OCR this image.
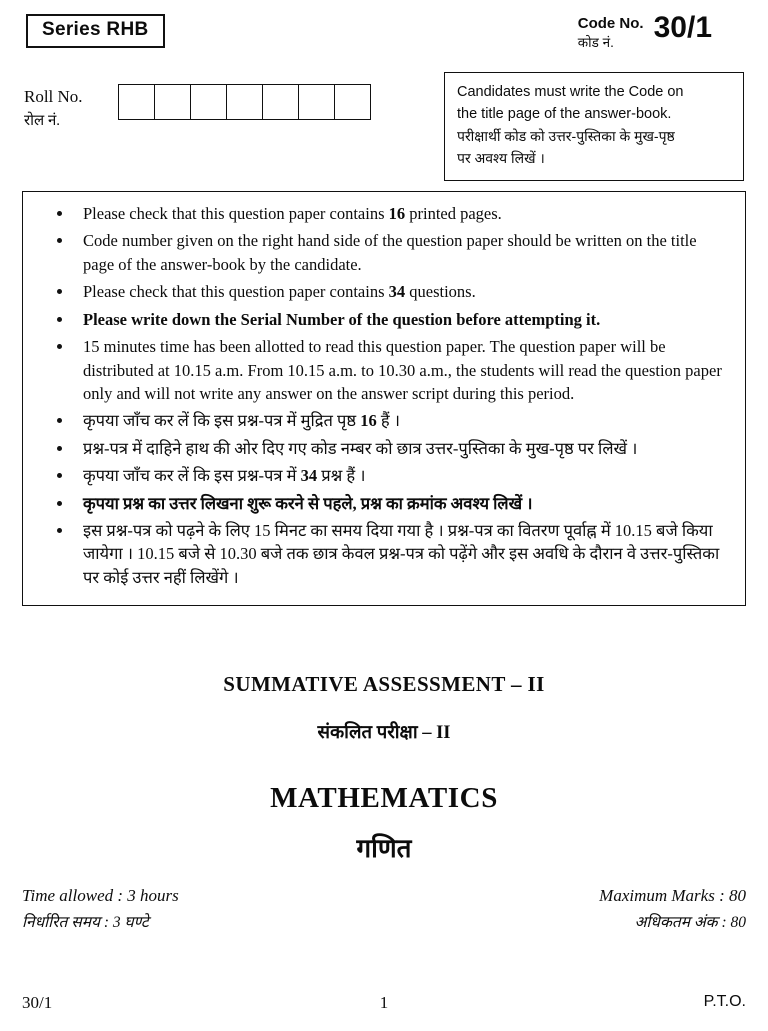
Series RHB	Code No.
कोड नं. 30/1
Roll No.
रोल नं.
Candidates must write the Code on
the title page of the answer-book.
परीक्षार्थी कोड को उत्तर-पुस्तिका के मुख-पृष्ठ
पर अवश्य लिखें ।
Please check that this question paper contains 16 printed pages.
Code number given on the right hand side of the question paper should be written on the title page of the answer-book by the candidate.
Please check that this question paper contains 34 questions.
Please write down the Serial Number of the question before attempting it.
15 minutes time has been allotted to read this question paper. The question paper will be distributed at 10.15 a.m. From 10.15 a.m. to 10.30 a.m., the students will read the question paper only and will not write any answer on the answer script during this period.
कृपया जाँच कर लें कि इस प्रश्न-पत्र में मुद्रित पृष्ठ 16 हैं ।
प्रश्न-पत्र में दाहिने हाथ की ओर दिए गए कोड नम्बर को छात्र उत्तर-पुस्तिका के मुख-पृष्ठ पर लिखें ।
कृपया जाँच कर लें कि इस प्रश्न-पत्र में 34 प्रश्न हैं ।
कृपया प्रश्न का उत्तर लिखना शुरू करने से पहले, प्रश्न का क्रमांक अवश्य लिखें ।
इस प्रश्न-पत्र को पढ़ने के लिए 15 मिनट का समय दिया गया है । प्रश्न-पत्र का वितरण पूर्वाह्न में 10.15 बजे किया जायेगा । 10.15 बजे से 10.30 बजे तक छात्र केवल प्रश्न-पत्र को पढ़ेंगे और इस अवधि के दौरान वे उत्तर-पुस्तिका पर कोई उत्तर नहीं लिखेंगे ।
SUMMATIVE ASSESSMENT – II
संकलित परीक्षा – II
MATHEMATICS
गणित
Time allowed : 3 hours
निर्धारित समय : 3 घण्टे
Maximum Marks : 80
अधिकतम अंक : 80
30/1	1	P.T.O.
